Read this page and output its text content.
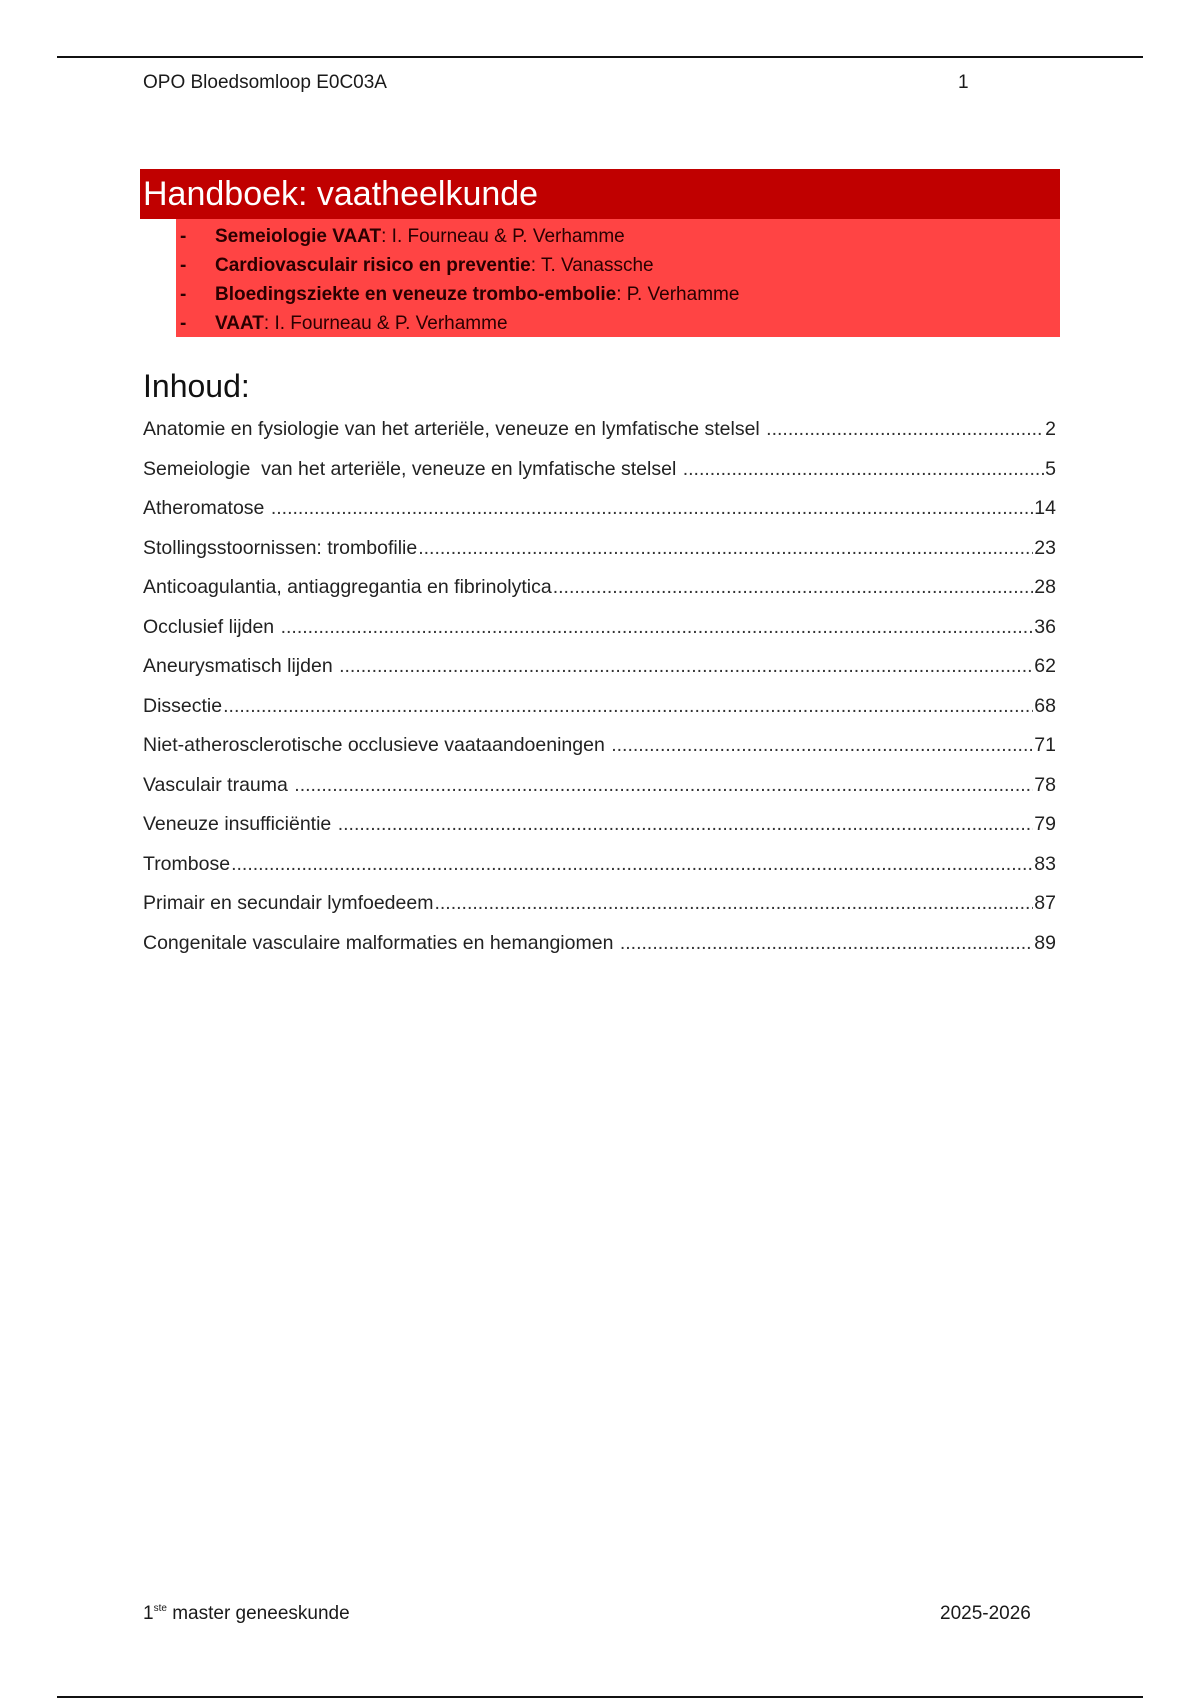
OPO Bloedsomloop E0C03A	1
Handboek: vaatheelkunde
- Semeiologie VAAT: I. Fourneau & P. Verhamme
- Cardiovasculair risico en preventie: T. Vanassche
- Bloedingsziekte en veneuze trombo-embolie: P. Verhamme
- VAAT: I. Fourneau & P. Verhamme
Inhoud:
Anatomie en fysiologie van het arteriële, veneuze en lymfatische stelsel .....	2
Semeiologie  van het arteriële, veneuze en lymfatische stelsel .....	5
Atheromatose .....	14
Stollingsstoornissen: trombofilie .....	23
Anticoagulantia, antiaggregantia en fibrinolytica .....	28
Occlusief lijden .....	36
Aneurysmatisch lijden .....	62
Dissectie .....	68
Niet-atherosclerotische occlusieve vaataandoeningen .....	71
Vasculair trauma .....	78
Veneuze insufficiëntie .....	79
Trombose .....	83
Primair en secundair lymfoedeem .....	87
Congenitale vasculaire malformaties en hemangiomen .....	89
1ste master geneeskunde	2025-2026
